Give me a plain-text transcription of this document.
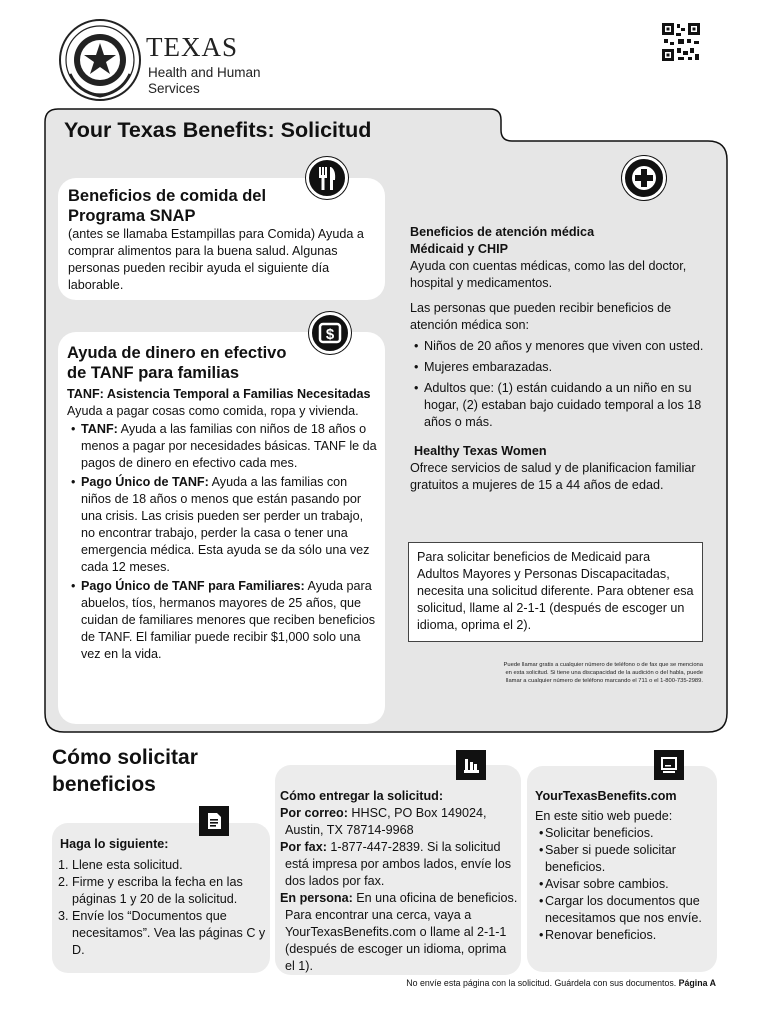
TEXAS
Health and Human
Services
Your Texas Benefits: Solicitud
Beneficios de comida del
Programa SNAP
(antes se llamaba Estampillas para Comida) Ayuda a comprar alimentos para la buena salud. Algunas personas pueden recibir ayuda el siguiente día laborable.
$
Ayuda de dinero en efectivo
de TANF para familias
TANF: Asistencia Temporal a Familias Necesitadas
Ayuda a pagar cosas como comida, ropa y vivienda.
• TANF: Ayuda a las familias con niños de 18 años o menos a pagar por necesidades básicas. TANF le da pagos de dinero en efectivo cada mes.
• Pago Único de TANF: Ayuda a las familias con niños de 18 años o menos que están pasando por una crisis. Las crisis pueden ser perder un trabajo, no encontrar trabajo, perder la casa o tener una emergencia médica. Esta ayuda se da sólo una vez cada 12 meses.
• Pago Único de TANF para Familiares: Ayuda para abuelos, tíos, hermanos mayores de 25 años, que cuidan de familiares menores que reciben beneficios de TANF. El familiar puede recibir $1,000 solo una vez en la vida.
Beneficios de atención médica
Médicaid y CHIP
Ayuda con cuentas médicas, como las del doctor, hospital y medicamentos.
Las personas que pueden recibir beneficios de atención médica son:
• Niños de 20 años y menores que viven con usted.
• Mujeres embarazadas.
• Adultos que: (1) están cuidando a un niño en su hogar, (2) estaban bajo cuidado temporal a los 18 años o más.
Healthy Texas Women
Ofrece servicios de salud y de planificacion familiar gratuitos a mujeres de 15 a 44 años de edad.
Para solicitar beneficios de Medicaid para Adultos Mayores y Personas Discapacitadas, necesita una solicitud diferente. Para obtener esa solicitud, llame al 2-1-1 (después de escoger un idioma, oprima el 2).
Puede llamar gratis a cualquier número de teléfono o de fax que se menciona en esta solicitud. Si tiene una discapacidad de la audición o del habla, puede llamar a cualquier número de teléfono marcando el 711 o el 1-800-735-2989.
Cómo solicitar
beneficios
Haga lo siguiente:
1. Llene esta solicitud.
2. Firme y escriba la fecha en las páginas 1 y 20 de la solicitud.
3. Envíe los “Documentos que necesitamos”. Vea las páginas C y D.
Cómo entregar la solicitud:
Por correo: HHSC, PO Box 149024, Austin, TX 78714-9968
Por fax: 1-877-447-2839. Si la solicitud está impresa por ambos lados, envíe los dos lados por fax.
En persona: En una oficina de beneficios. Para encontrar una cerca, vaya a YourTexasBenefits.com o llame al 2-1-1 (después de escoger un idioma, oprima el 1).
YourTexasBenefits.com
En este sitio web puede:
• Solicitar beneficios.
• Saber si puede solicitar beneficios.
• Avisar sobre cambios.
• Cargar los documentos que necesitamos que nos envíe.
• Renovar beneficios.
No envíe esta página con la solicitud. Guárdela con sus documentos. Página A
